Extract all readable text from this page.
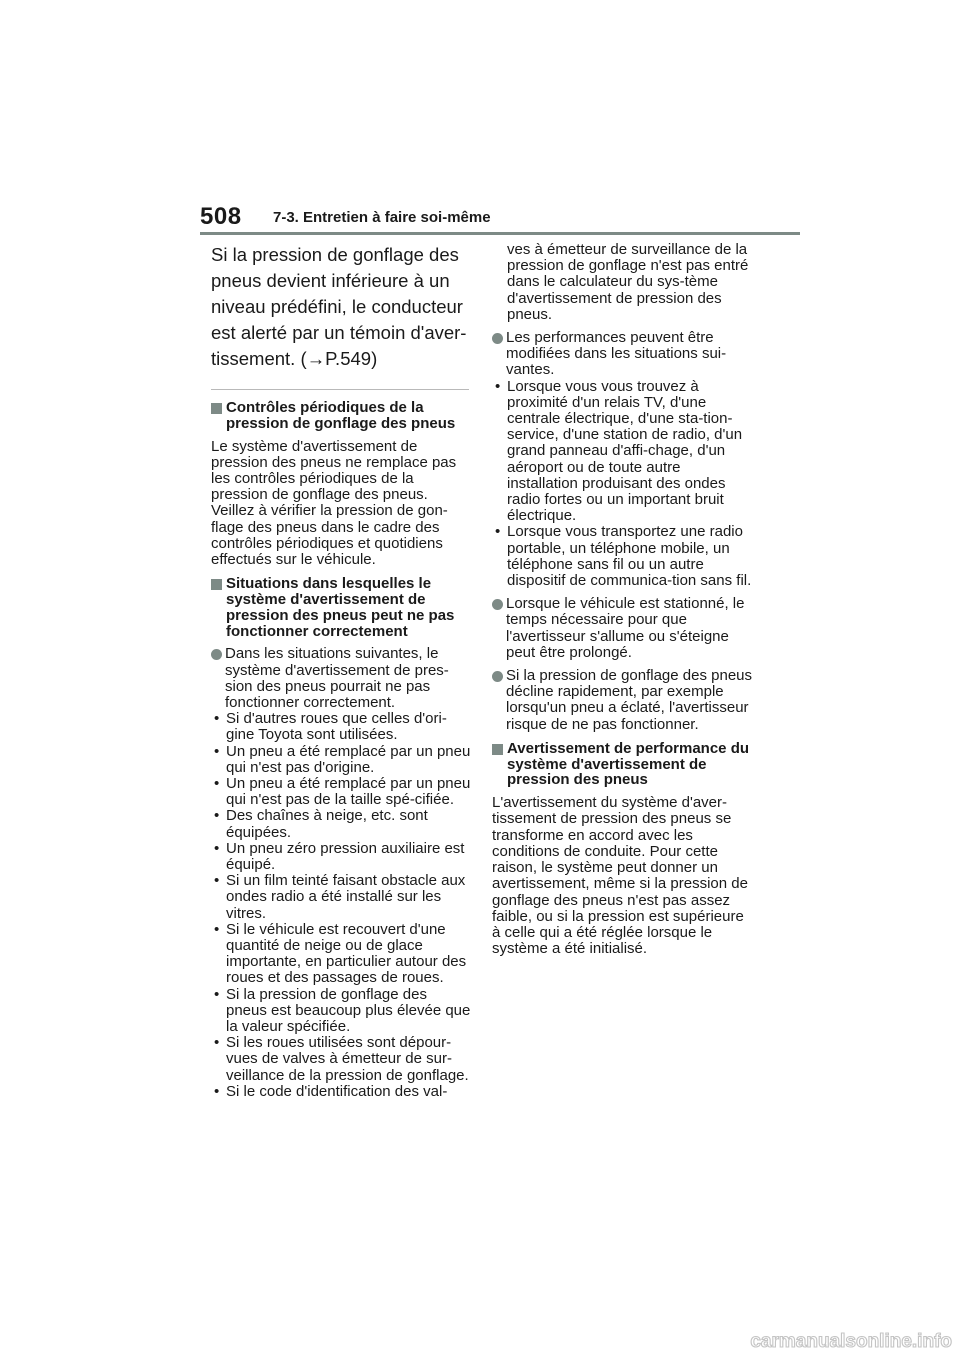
508 7-3. Entretien à faire soi-même

Si la pression de gonflage des pneus devient inférieure à un niveau prédéfini, le conducteur est alerté par un témoin d'aver-tissement. (→P.549)

Contrôles périodiques de la pression de gonflage des pneus
Le système d'avertissement de pression des pneus ne remplace pas les contrôles périodiques de la pression de gonflage des pneus. Veillez à vérifier la pression de gon-flage des pneus dans le cadre des contrôles périodiques et quotidiens effectués sur le véhicule.
Situations dans lesquelles le système d'avertissement de pression des pneus peut ne pas fonctionner correctement
Dans les situations suivantes, le système d'avertissement de pres-sion des pneus pourrait ne pas fonctionner correctement.
• Si d'autres roues que celles d'ori-gine Toyota sont utilisées.
• Un pneu a été remplacé par un pneu qui n'est pas d'origine.
• Un pneu a été remplacé par un pneu qui n'est pas de la taille spé-cifiée.
• Des chaînes à neige, etc. sont équipées.
• Un pneu zéro pression auxiliaire est équipé.
• Si un film teinté faisant obstacle aux ondes radio a été installé sur les vitres.
• Si le véhicule est recouvert d'une quantité de neige ou de glace importante, en particulier autour des roues et des passages de roues.
• Si la pression de gonflage des pneus est beaucoup plus élevée que la valeur spécifiée.
• Si les roues utilisées sont dépour-vues de valves à émetteur de sur-veillance de la pression de gonflage.
• Si le code d'identification des val-
ves à émetteur de surveillance de la pression de gonflage n'est pas entré dans le calculateur du sys-tème d'avertissement de pression des pneus.
Les performances peuvent être modifiées dans les situations sui-vantes.
• Lorsque vous vous trouvez à proximité d'un relais TV, d'une centrale électrique, d'une sta-tion-service, d'une station de radio, d'un grand panneau d'affi-chage, d'un aéroport ou de toute autre installation produisant des ondes radio fortes ou un important bruit électrique.
• Lorsque vous transportez une radio portable, un téléphone mobile, un téléphone sans fil ou un autre dispositif de communica-tion sans fil.
Lorsque le véhicule est stationné, le temps nécessaire pour que l'avertisseur s'allume ou s'éteigne peut être prolongé.
Si la pression de gonflage des pneus décline rapidement, par exemple lorsqu'un pneu a éclaté, l'avertisseur risque de ne pas fonctionner.
Avertissement de performance du système d'avertissement de pression des pneus
L'avertissement du système d'aver-tissement de pression des pneus se transforme en accord avec les conditions de conduite. Pour cette raison, le système peut donner un avertissement, même si la pression de gonflage des pneus n'est pas assez faible, ou si la pression est supérieure à celle qui a été réglée lorsque le système a été initialisé.
carmanualsonline.info
